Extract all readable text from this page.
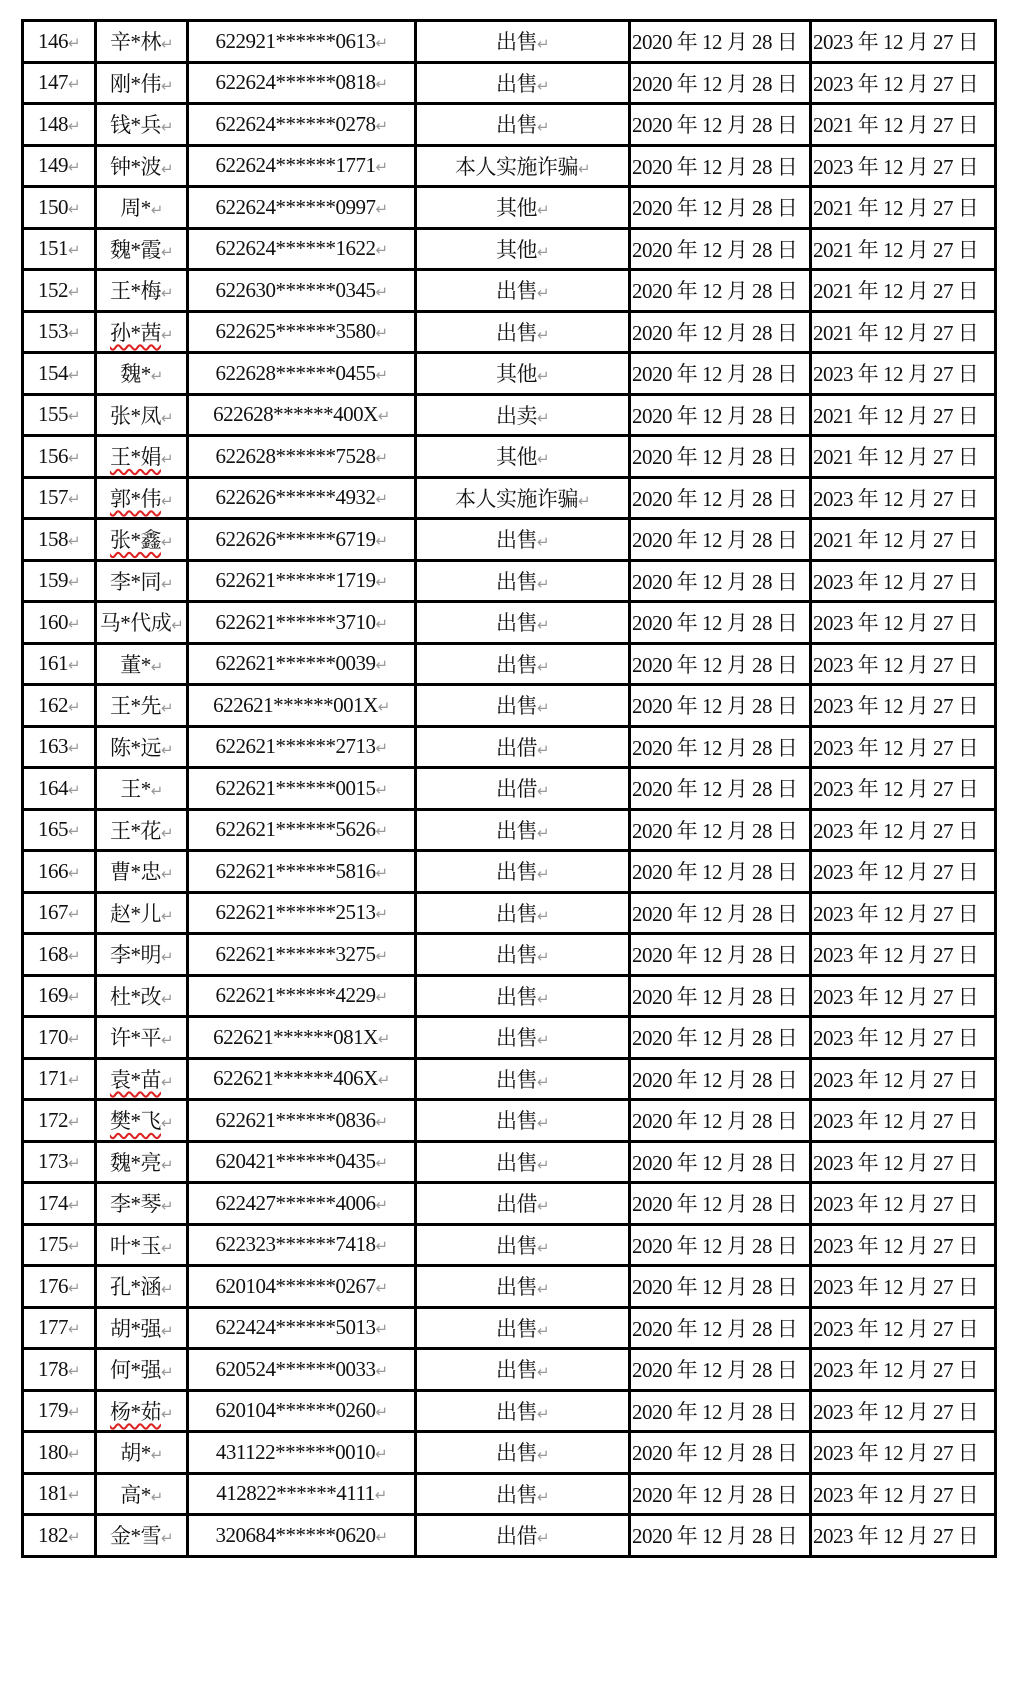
146 ↵	辛*林 ↵	622921******0613 ↵	出售 ↵	2020 年 12 月 28 日	2023 年 12 月 27 日
147 ↵	刚*伟 ↵	622624******0818 ↵	出售 ↵	2020 年 12 月 28 日	2023 年 12 月 27 日
148 ↵	钱*兵 ↵	622624******0278 ↵	出售 ↵	2020 年 12 月 28 日	2021 年 12 月 27 日
149 ↵	钟*波 ↵	622624******1771 ↵	本人实施诈骗 ↵	2020 年 12 月 28 日	2023 年 12 月 27 日
150 ↵	周* ↵	622624******0997 ↵	其他 ↵	2020 年 12 月 28 日	2021 年 12 月 27 日
151 ↵	魏*霞 ↵	622624******1622 ↵	其他 ↵	2020 年 12 月 28 日	2021 年 12 月 27 日
152 ↵	王*梅 ↵	622630******0345 ↵	出售 ↵	2020 年 12 月 28 日	2021 年 12 月 27 日
153 ↵	孙*茜 ↵	622625******3580 ↵	出售 ↵	2020 年 12 月 28 日	2021 年 12 月 27 日
154 ↵	魏* ↵	622628******0455 ↵	其他 ↵	2020 年 12 月 28 日	2023 年 12 月 27 日
155 ↵	张*凤 ↵	622628******400X ↵	出卖 ↵	2020 年 12 月 28 日	2021 年 12 月 27 日
156 ↵	王*娟 ↵	622628******7528 ↵	其他 ↵	2020 年 12 月 28 日	2021 年 12 月 27 日
157 ↵	郭*伟 ↵	622626******4932 ↵	本人实施诈骗 ↵	2020 年 12 月 28 日	2023 年 12 月 27 日
158 ↵	张*鑫 ↵	622626******6719 ↵	出售 ↵	2020 年 12 月 28 日	2021 年 12 月 27 日
159 ↵	李*同 ↵	622621******1719 ↵	出售 ↵	2020 年 12 月 28 日	2023 年 12 月 27 日
160 ↵	马*代成 ↵	622621******3710 ↵	出售 ↵	2020 年 12 月 28 日	2023 年 12 月 27 日
161 ↵	董* ↵	622621******0039 ↵	出售 ↵	2020 年 12 月 28 日	2023 年 12 月 27 日
162 ↵	王*先 ↵	622621******001X ↵	出售 ↵	2020 年 12 月 28 日	2023 年 12 月 27 日
163 ↵	陈*远 ↵	622621******2713 ↵	出借 ↵	2020 年 12 月 28 日	2023 年 12 月 27 日
164 ↵	王* ↵	622621******0015 ↵	出借 ↵	2020 年 12 月 28 日	2023 年 12 月 27 日
165 ↵	王*花 ↵	622621******5626 ↵	出售 ↵	2020 年 12 月 28 日	2023 年 12 月 27 日
166 ↵	曹*忠 ↵	622621******5816 ↵	出售 ↵	2020 年 12 月 28 日	2023 年 12 月 27 日
167 ↵	赵*儿 ↵	622621******2513 ↵	出售 ↵	2020 年 12 月 28 日	2023 年 12 月 27 日
168 ↵	李*明 ↵	622621******3275 ↵	出售 ↵	2020 年 12 月 28 日	2023 年 12 月 27 日
169 ↵	杜*改 ↵	622621******4229 ↵	出售 ↵	2020 年 12 月 28 日	2023 年 12 月 27 日
170 ↵	许*平 ↵	622621******081X ↵	出售 ↵	2020 年 12 月 28 日	2023 年 12 月 27 日
171 ↵	袁*苗 ↵	622621******406X ↵	出售 ↵	2020 年 12 月 28 日	2023 年 12 月 27 日
172 ↵	樊*飞 ↵	622621******0836 ↵	出售 ↵	2020 年 12 月 28 日	2023 年 12 月 27 日
173 ↵	魏*亮 ↵	620421******0435 ↵	出售 ↵	2020 年 12 月 28 日	2023 年 12 月 27 日
174 ↵	李*琴 ↵	622427******4006 ↵	出借 ↵	2020 年 12 月 28 日	2023 年 12 月 27 日
175 ↵	叶*玉 ↵	622323******7418 ↵	出售 ↵	2020 年 12 月 28 日	2023 年 12 月 27 日
176 ↵	孔*涵 ↵	620104******0267 ↵	出售 ↵	2020 年 12 月 28 日	2023 年 12 月 27 日
177 ↵	胡*强 ↵	622424******5013 ↵	出售 ↵	2020 年 12 月 28 日	2023 年 12 月 27 日
178 ↵	何*强 ↵	620524******0033 ↵	出售 ↵	2020 年 12 月 28 日	2023 年 12 月 27 日
179 ↵	杨*茹 ↵	620104******0260 ↵	出售 ↵	2020 年 12 月 28 日	2023 年 12 月 27 日
180 ↵	胡* ↵	431122******0010 ↵	出售 ↵	2020 年 12 月 28 日	2023 年 12 月 27 日
181 ↵	高* ↵	412822******4111 ↵	出售 ↵	2020 年 12 月 28 日	2023 年 12 月 27 日
182 ↵	金*雪 ↵	320684******0620 ↵	出借 ↵	2020 年 12 月 28 日	2023 年 12 月 27 日
